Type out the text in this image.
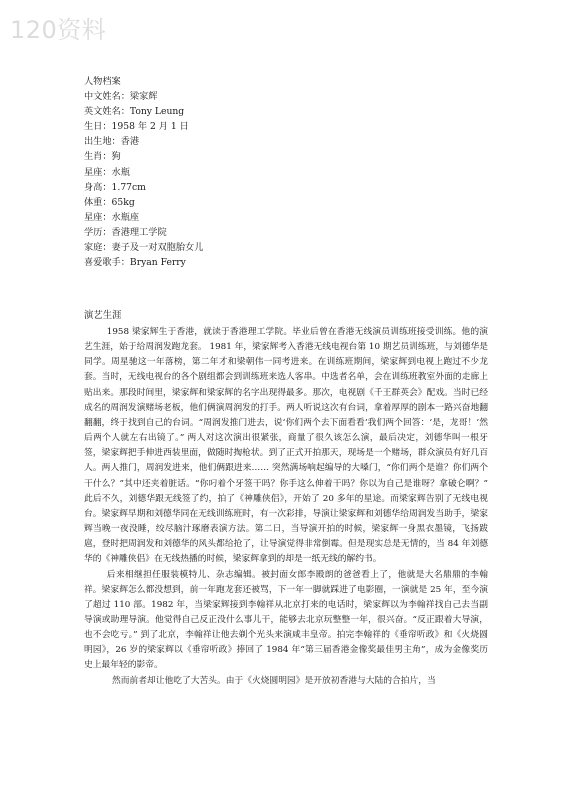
120资料
人物档案
中文姓名：梁家辉
英文姓名：Tony Leung
生日：1958 年 2 月 1 日
出生地：香港
生肖：狗
星座：水瓶
身高：1.77cm
体重：65kg
星座：水瓶座
学历：香港理工学院
家庭：妻子及一对双胞胎女儿
喜爱歌手：Bryan Ferry
演艺生涯

1958 梁家辉生于香港，就读于香港理工学院。毕业后曾在香港无线演员训练班接受训练。他的演艺生涯，始于给周润发跑龙套。 1981 年，梁家辉考入香港无线电视台第 10 期艺员训练班，与刘德华是同学。周星驰这一年落榜，第二年才和梁朝伟一同考进来。在训练班期间，梁家辉到电视上跑过不少龙套。当时，无线电视台的各个剧组都会到训练班来选人客串。中选者名单，会在训练班教室外面的走廊上贴出来。那段时间里，梁家辉和梁家辉的名字出现得最多。那次，电视剧《千王群英会》配戏。当时已经成名的周润发演赌场老板，他们俩演周润发的打手。两人听说这次有台词，拿着厚厚的剧本一路兴奋地翻翻翻，终于找到自己的台词。“周润发推门进去，说‘你们两个去下面看看’我们两个回答：‘是，龙哥！’然后两个人就左右出镜了。” 两人对这次演出很紧张，商量了很久该怎么演，最后决定，刘德华叫一根牙签，梁家辉把手伸进西装里面，做随时掏枪状。到了正式开拍那天，现场是一个赌场，群众演员有好几百人。两人推门，周润发进来，他们俩跟进来…… 突然满场响起编导的大嗓门，“你们两个是谁？你们两个干什么？”其中还夹着脏话。“你叼着个牙签干吗？你手这么伸着干吗？你以为自己是谁呀？拿破仑啊？” 此后不久，刘德华跟无线签了约，拍了《神雕侠侣》，开始了 20 多年的星途。而梁家辉告别了无线电视台。梁家辉早期和刘德华同在无线训练班时，有一次彩排，导演让梁家辉和刘德华给周润发当助手，梁家辉当晚一夜没睡，绞尽脑汁琢磨表演方法。第二日，当导演开拍的时候，梁家辉一身黑衣墨镜，飞扬跋扈，登时把周润发和刘德华的风头都给抢了，让导演觉得非常倒霉。但是现实总是无情的，当 84 年刘德华的《神雕侠侣》在无线热播的时候，梁家辉拿到的却是一纸无线的解约书。

后来相继担任服装模特儿、杂志编辑。被封面女郎李殿朗的爸爸看上了，他就是大名鼎鼎的李翰祥。梁家辉怎么都没想到，前一年跑龙套还被骂，下一年一脚就踩进了电影圈，一演就是 25 年，至今演了超过 110 部。1982 年，当梁家辉接到李翰祥从北京打来的电话时，梁家辉以为李翰祥找自己去当副导演或助理导演。他觉得自己反正没什么事儿干，能够去北京玩整整一年，很兴奋。“反正跟着大导演，也不会吃亏。” 到了北京，李翰祥让他去剃个光头来演咸丰皇帝。拍完李翰祥的《垂帘听政》和《火烧圆明园》，26 岁的梁家辉以《垂帘听政》捧回了 1984 年“第三届香港金像奖最佳男主角”，成为金像奖历史上最年轻的影帝。

然而前者却让他吃了大苦头。由于《火烧圆明园》是开放初香港与大陆的合拍片，当
